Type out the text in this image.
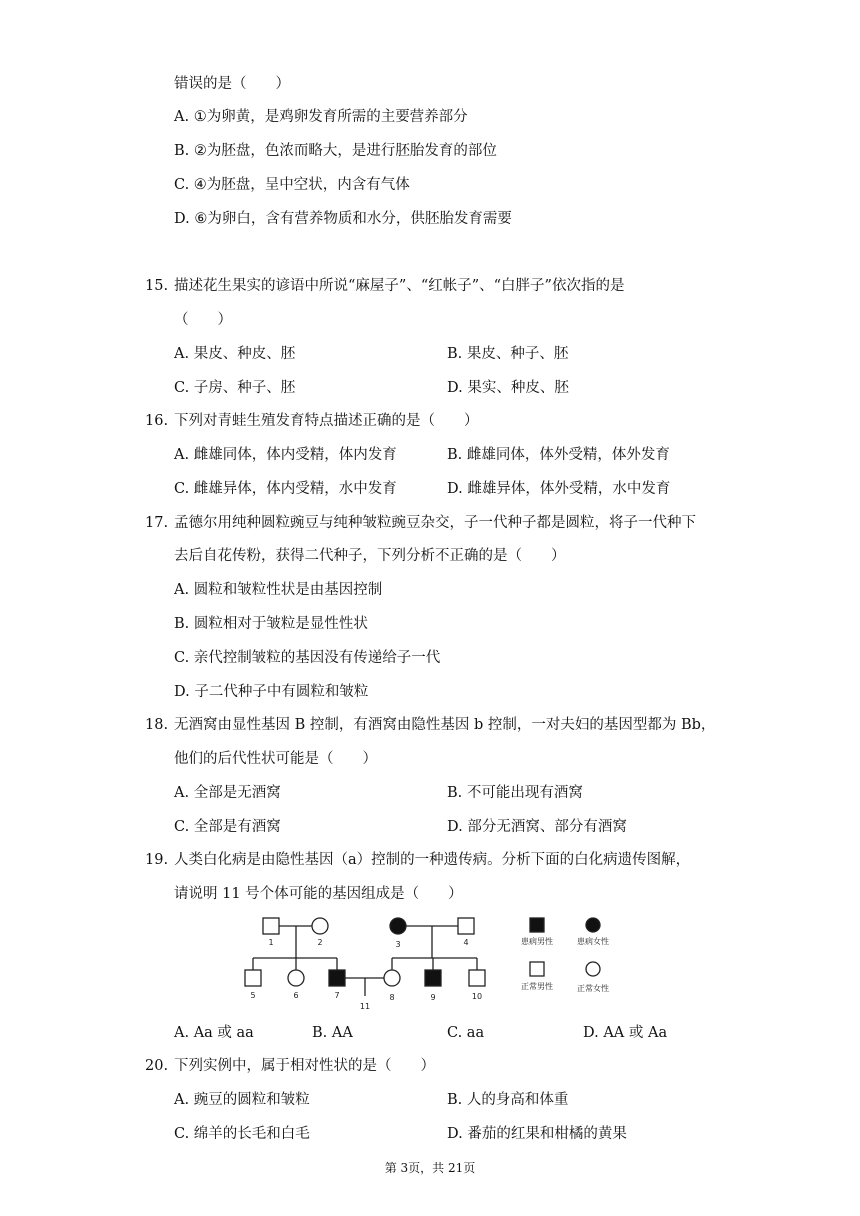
错误的是（　　）
A. ①为卵黄，是鸡卵发育所需的主要营养部分
B. ②为胚盘，色浓而略大，是进行胚胎发育的部位
C. ④为胚盘，呈中空状，内含有气体
D. ⑥为卵白，含有营养物质和水分，供胚胎发育需要
15. 描述花生果实的谚语中所说“麻屋子”、“红帐子”、“白胖子”依次指的是
（　　）
A. 果皮、种皮、胚	B. 果皮、种子、胚
C. 子房、种子、胚	D. 果实、种皮、胚
16. 下列对青蛙生殖发育特点描述正确的是（　　）
A. 雌雄同体，体内受精，体内发育	B. 雌雄同体，体外受精，体外发育
C. 雌雄异体，体内受精，水中发育	D. 雌雄异体，体外受精，水中发育
17. 孟德尔用纯种圆粒豌豆与纯种皱粒豌豆杂交，子一代种子都是圆粒，将子一代种下
去后自花传粉，获得二代种子，下列分析不正确的是（　　）
A. 圆粒和皱粒性状是由基因控制
B. 圆粒相对于皱粒是显性性状
C. 亲代控制皱粒的基因没有传递给子一代
D. 子二代种子中有圆粒和皱粒
18. 无酒窝由显性基因 B 控制，有酒窝由隐性基因 b 控制，一对夫妇的基因型都为 Bb，
他们的后代性状可能是（　　）
A. 全部是无酒窝	B. 不可能出现有酒窝
C. 全部是有酒窝	D. 部分无酒窝、部分有酒窝
19. 人类白化病是由隐性基因（a）控制的一种遗传病。分析下面的白化病遗传图解，
请说明 11 号个体可能的基因组成是（　　）
1	2	3	4
5	6	7	8	9	10
11
患病男性	患病女性
正常男性	正常女性
A. Aa 或 aa	B. AA	C. aa	D. AA 或 Aa
20. 下列实例中，属于相对性状的是（　　）
A. 豌豆的圆粒和皱粒	B. 人的身高和体重
C. 绵羊的长毛和白毛	D. 番茄的红果和柑橘的黄果
第 3页，共 21页
